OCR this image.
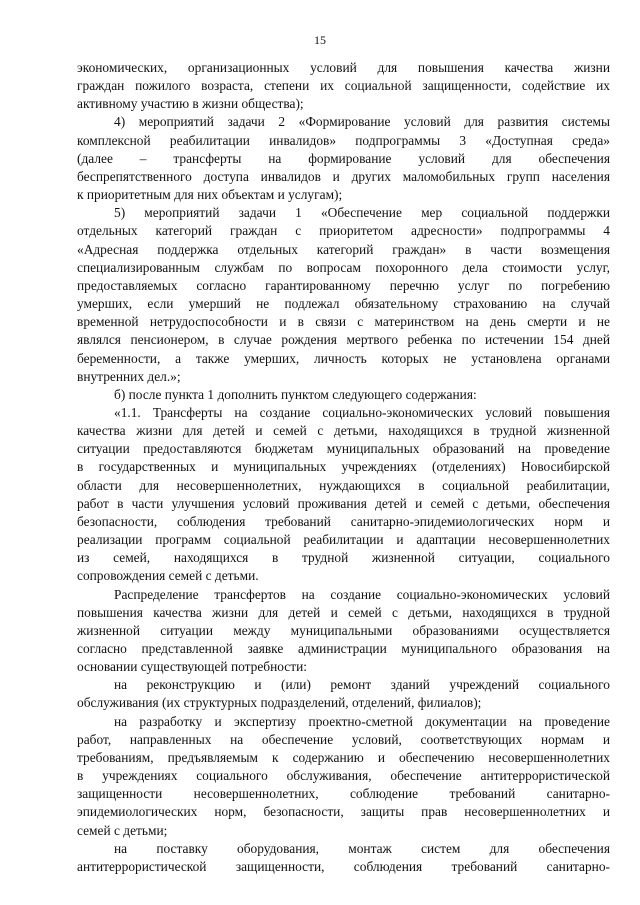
15

экономических, организационных условий для повышения качества жизни
граждан пожилого возраста, степени их социальной защищенности, содействие их
активному участию в жизни общества);

4) мероприятий задачи 2 «Формирование условий для развития системы
комплексной реабилитации инвалидов» подпрограммы 3 «Доступная среда»
(далее – трансферты на формирование условий для обеспечения
беспрепятственного доступа инвалидов и других маломобильных групп населения
к приоритетным для них объектам и услугам);

5) мероприятий задачи 1 «Обеспечение мер социальной поддержки
отдельных категорий граждан с приоритетом адресности» подпрограммы 4
«Адресная поддержка отдельных категорий граждан» в части возмещения
специализированным службам по вопросам похоронного дела стоимости услуг,
предоставляемых согласно гарантированному перечню услуг по погребению
умерших, если умерший не подлежал обязательному страхованию на случай
временной нетрудоспособности и в связи с материнством на день смерти и не
являлся пенсионером, в случае рождения мертвого ребенка по истечении 154 дней
беременности, а также умерших, личность которых не установлена органами
внутренних дел.»;

б) после пункта 1 дополнить пунктом следующего содержания:

«1.1. Трансферты на создание социально-экономических условий повышения
качества жизни для детей и семей с детьми, находящихся в трудной жизненной
ситуации предоставляются бюджетам муниципальных образований на проведение
в государственных и муниципальных учреждениях (отделениях) Новосибирской
области для несовершеннолетних, нуждающихся в социальной реабилитации,
работ в части улучшения условий проживания детей и семей с детьми, обеспечения
безопасности, соблюдения требований санитарно-эпидемиологических норм и
реализации программ социальной реабилитации и адаптации несовершеннолетних
из семей, находящихся в трудной жизненной ситуации, социального
сопровождения семей с детьми.

Распределение трансфертов на создание социально-экономических условий
повышения качества жизни для детей и семей с детьми, находящихся в трудной
жизненной ситуации между муниципальными образованиями осуществляется
согласно представленной заявке администрации муниципального образования на
основании существующей потребности:

на реконструкцию и (или) ремонт зданий учреждений социального
обслуживания (их структурных подразделений, отделений, филиалов);

на разработку и экспертизу проектно-сметной документации на проведение
работ, направленных на обеспечение условий, соответствующих нормам и
требованиям, предъявляемым к содержанию и обеспечению несовершеннолетних
в учреждениях социального обслуживания, обеспечение антитеррористической
защищенности несовершеннолетних, соблюдение требований санитарно-
эпидемиологических норм, безопасности, защиты прав несовершеннолетних и
семей с детьми;

на поставку оборудования, монтаж систем для обеспечения
антитеррористической защищенности, соблюдения требований санитарно-
